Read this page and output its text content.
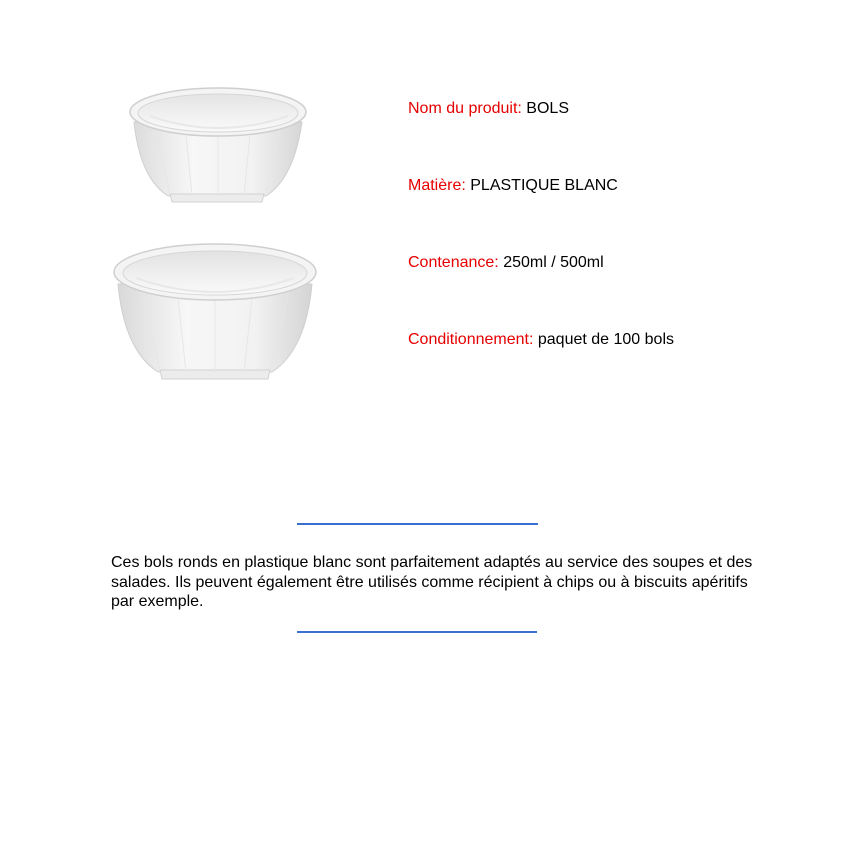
Nom du produit: BOLS
Matière: PLASTIQUE BLANC
Contenance: 250ml / 500ml
Conditionnement: paquet de 100 bols

Ces bols ronds en plastique blanc sont parfaitement adaptés au service des soupes et des salades. Ils peuvent également être utilisés comme récipient à chips ou à biscuits apéritifs par exemple.
